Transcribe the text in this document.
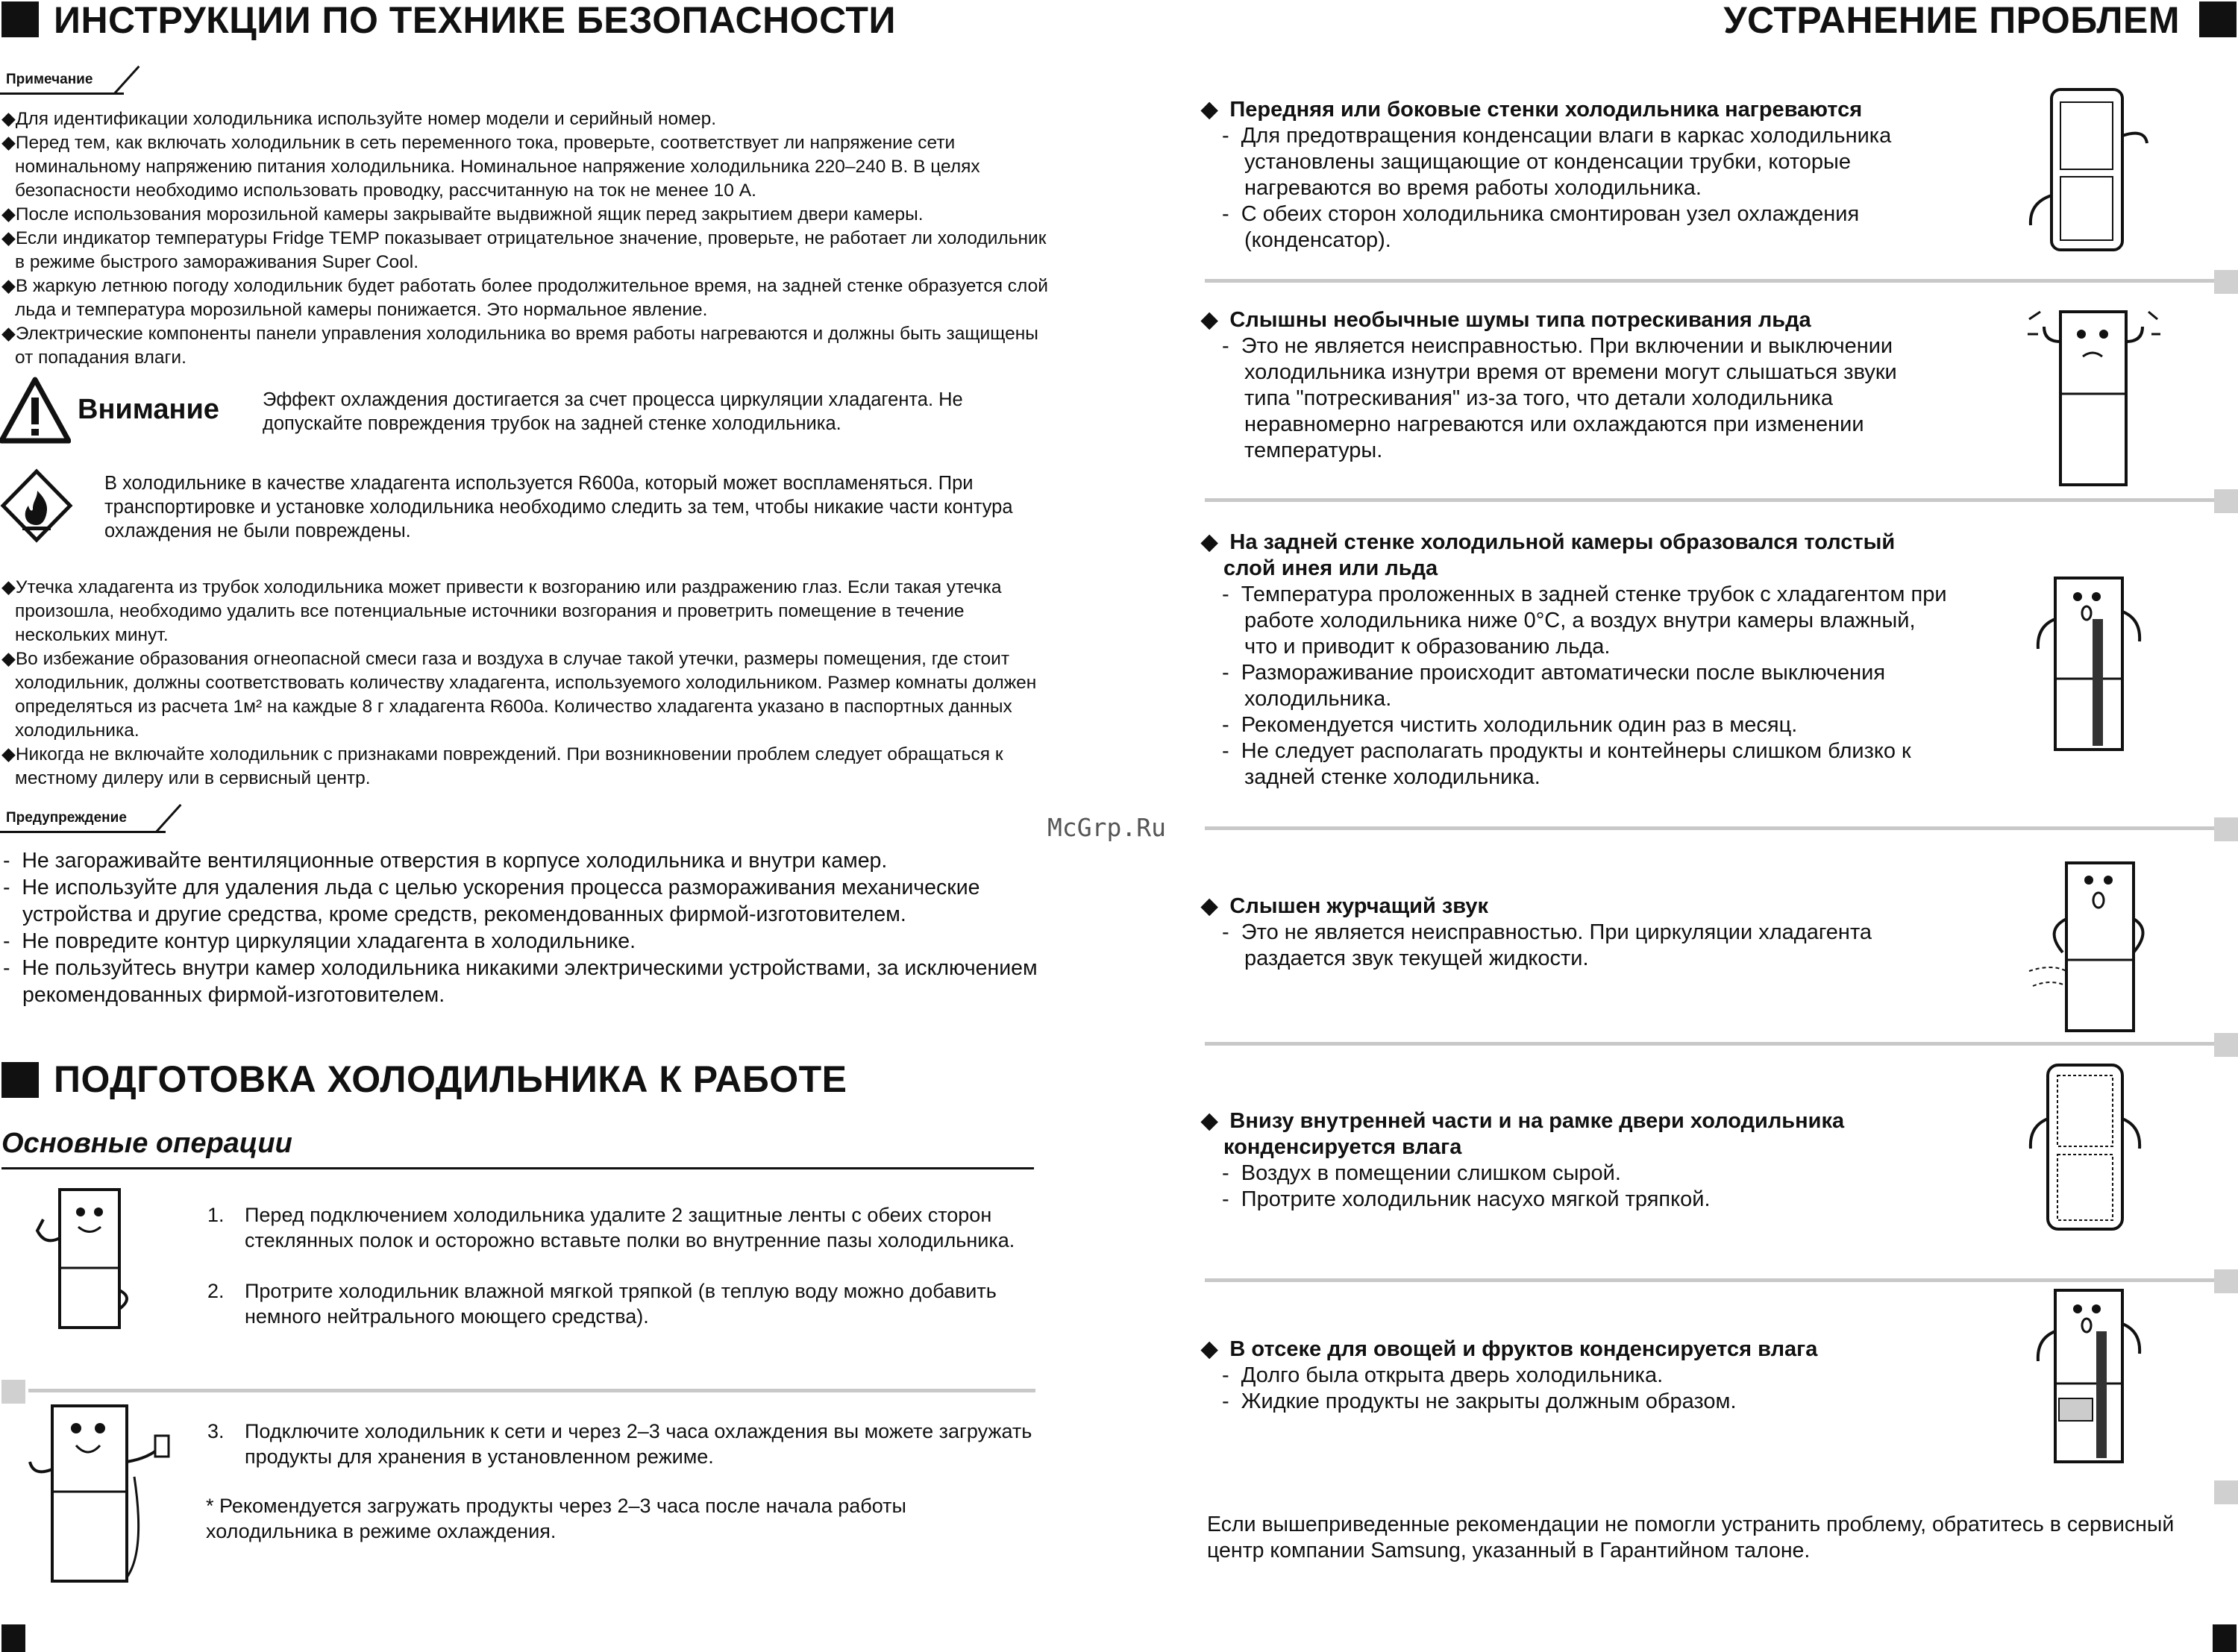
ИНСТРУКЦИИ ПО ТЕХНИКЕ БЕЗОПАСНОСТИ
Примечание

◆Для идентификации холодильника используйте номер модели и серийный номер.

◆Перед тем, как включать холодильник в сеть переменного тока, проверьте, соответствует ли напряжение сети номинальному напряжению питания холодильника. Номинальное напряжение холодильника 220–240 В. В целях безопасности необходимо использовать проводку, рассчитанную на ток не менее 10 А.

◆После использования морозильной камеры закрывайте выдвижной ящик перед закрытием двери камеры.

◆Если индикатор температуры Fridge TEMP показывает отрицательное значение, проверьте, не работает ли холодильник в режиме быстрого замораживания Super Cool.

◆В жаркую летнюю погоду холодильник будет работать более продолжительное время, на задней стенке образуется слой льда и температура морозильной камеры понижается. Это нормальное явление.

◆Электрические компоненты панели управления холодильника во время работы нагреваются и должны быть защищены от попадания влаги.

Внимание Эффект охлаждения достигается за счет процесса циркуляции хладагента. Не допускайте повреждения трубок на задней стенке холодильника.
В холодильнике в качестве хладагента используется R600a, который может воспламеняться. При транспортировке и установке холодильника необходимо следить за тем, чтобы никакие части контура охлаждения не были повреждены.

◆Утечка хладагента из трубок холодильника может привести к возгоранию или раздражению глаз. Если такая утечка произошла, необходимо удалить все потенциальные источники возгорания и проветрить помещение в течение нескольких минут.

◆Во избежание образования огнеопасной смеси газа и воздуха в случае такой утечки, размеры помещения, где стоит холодильник, должны соответствовать количеству хладагента, используемого холодильником. Размер комнаты должен определяться из расчета 1м² на каждые 8 г хладагента R600a. Количество хладагента указано в паспортных данных холодильника.

◆Никогда не включайте холодильник с признаками повреждений. При возникновении проблем следует обращаться к местному дилеру или в сервисный центр.

Предупреждение

-  Не загораживайте вентиляционные отверстия в корпусе холодильника и внутри камер.

-  Не используйте для удаления льда с целью ускорения процесса размораживания механические устройства и другие средства, кроме средств, рекомендованных фирмой-изготовителем.

-  Не повредите контур циркуляции хладагента в холодильнике.

-  Не пользуйтесь внутри камер холодильника никакими электрическими устройствами, за исключением рекомендованных фирмой-изготовителем.

ПОДГОТОВКА ХОЛОДИЛЬНИКА К РАБОТЕ
Основные операции
1.	Перед подключением холодильника удалите 2 защитные ленты с обеих сторон стеклянных полок и осторожно вставьте полки во внутренние пазы холодильника.

2.	Протрите холодильник влажной мягкой тряпкой (в теплую воду можно добавить немного нейтрального моющего средства).

3.	Подключите холодильник к сети и через 2–3 часа охлаждения вы можете загружать продукты для хранения в установленном режиме.

* Рекомендуется загружать продукты через 2–3 часа после начала работы холодильника в режиме охлаждения.
McGrp.Ru
УСТРАНЕНИЕ ПРОБЛЕМ
◆  Передняя или боковые стенки холодильника нагреваются

-  Для предотвращения конденсации влаги в каркас холодильника установлены защищающие от конденсации трубки, которые нагреваются во время работы холодильника.

-  С обеих сторон холодильника смонтирован узел охлаждения (конденсатор).

◆  Слышны необычные шумы типа потрескивания льда

-  Это не является неисправностью. При включении и выключении холодильника изнутри время от времени могут слышаться звуки типа "потрескивания" из-за того, что детали холодильника неравномерно нагреваются или охлаждаются при изменении температуры.

◆  На задней стенке холодильной камеры образовался толстый слой инея или льда

-  Температура проложенных в задней стенке трубок с хладагентом при работе холодильника ниже 0°C, а воздух внутри камеры влажный, что и приводит к образованию льда.

-  Размораживание происходит автоматически после выключения холодильника.

-  Рекомендуется чистить холодильник один раз в месяц.

-  Не следует располагать продукты и контейнеры слишком близко к задней стенке холодильника.

◆  Слышен журчащий звук

-  Это не является неисправностью. При циркуляции хладагента раздается звук текущей жидкости.

◆  Внизу внутренней части и на рамке двери холодильника конденсируется влага

-  Воздух в помещении слишком сырой.

-  Протрите холодильник насухо мягкой тряпкой.

◆  В отсеке для овощей и фруктов конденсируется влага

-  Долго была открыта дверь холодильника.

-  Жидкие продукты не закрыты должным образом.

Если вышеприведенные рекомендации не помогли устранить проблему, обратитесь в сервисный центр компании Samsung, указанный в Гарантийном талоне.
